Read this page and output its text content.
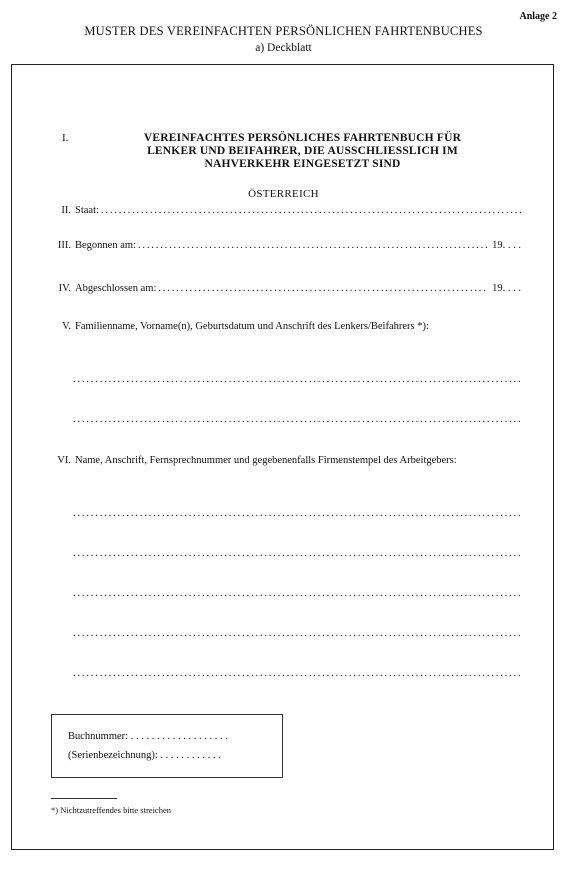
Anlage 2
MUSTER DES VEREINFACHTEN PERSÖNLICHEN FAHRTENBUCHES
a) Deckblatt
I.	VEREINFACHTES PERSÖNLICHES FAHRTENBUCH FÜR
LENKER UND BEIFAHRER, DIE AUSSCHLIESSLICH IM
NAHVERKEHR EINGESETZT SIND
ÖSTERREICH
II. Staat:
. . .
III. Begonnen am: . . .	19. . . .
IV. Abgeschlossen am: . . .	19. . . .
V. Familienname, Vorname(n), Geburtsdatum und Anschrift des Lenkers/Beifahrers *):
. . .
. . .
VI. Name, Anschrift, Fernsprechnummer und gegebenenfalls Firmenstempel des Arbeitgebers:
. . .
. . .
. . .
. . .
. . .
Buchnummer: . . . . . . . . . . . . . . . . . . .
(Serienbezeichnung): . . . . . . . . . . . .
*) Nichtzutreffendes bitte streichen
